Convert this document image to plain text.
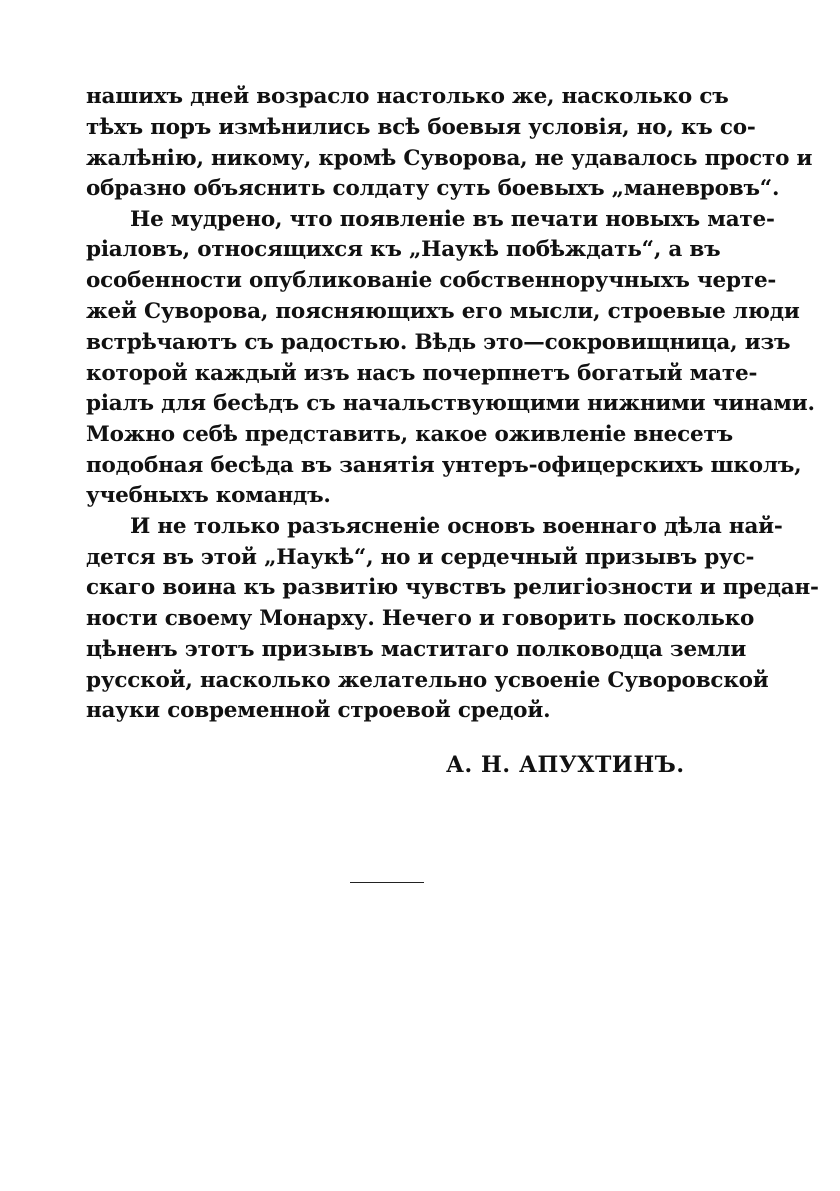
нашихъ дней возрасло настолько же, насколько съ
тѣхъ поръ измѣнились всѣ боевыя условія, но, къ со-
жалѣнію, никому, кромѣ Суворова, не удавалось просто и
образно объяснить солдату суть боевыхъ „маневровъ“.
Не мудрено, что появленіе въ печати новыхъ мате-
ріаловъ, относящихся къ „Наукѣ побѣждать“, а въ
особенности опубликованіе собственноручныхъ черте-
жей Суворова, поясняющихъ его мысли, строевые люди
встрѣчаютъ съ радостью. Вѣдь это—сокровищница, изъ
которой каждый изъ насъ почерпнетъ богатый мате-
ріалъ для бесѣдъ съ начальствующими нижними чинами.
Можно себѣ представить, какое оживленіе внесетъ
подобная бесѣда въ занятія унтеръ-офицерскихъ школъ,
учебныхъ командъ.
И не только разъясненіе основъ военнаго дѣла най-
дется въ этой „Наукѣ“, но и сердечный призывъ рус-
скаго воина къ развитію чувствъ религіозности и предан-
ности своему Монарху. Нечего и говорить посколько
цѣненъ этотъ призывъ маститаго полководца земли
русской, насколько желательно усвоеніе Суворовской
науки современной строевой средой.
А. Н. АПУХТИНЪ.
